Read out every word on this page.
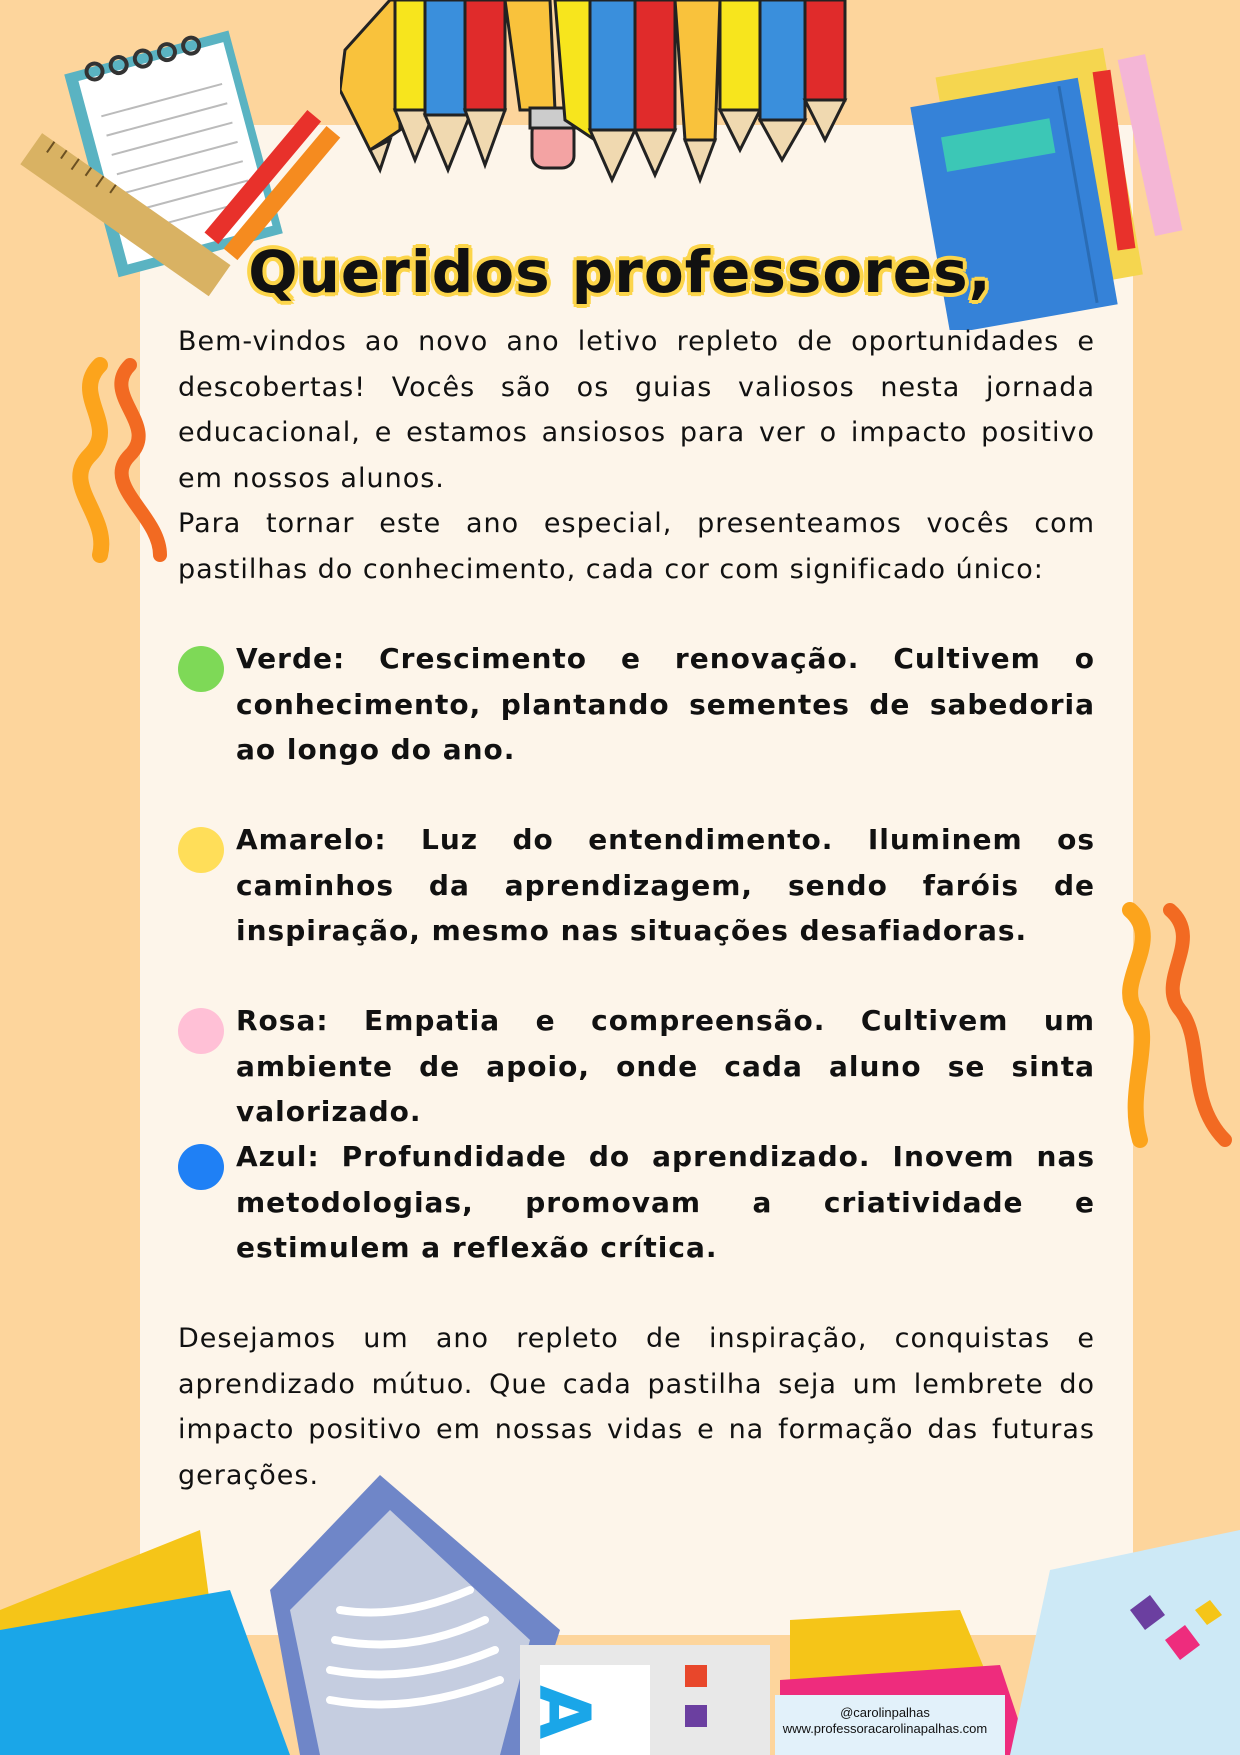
A
Queridos professores,

Bem-vindos ao novo ano letivo repleto de oportunidades e descobertas! Vocês são os guias valiosos nesta jornada educacional, e estamos ansiosos para ver o impacto positivo em nossos alunos.

Para tornar este ano especial, presenteamos vocês com pastilhas do conhecimento, cada cor com significado único:

Verde: Crescimento e renovação. Cultivem o conhecimento, plantando sementes de sabedoria ao longo do ano.
Amarelo: Luz do entendimento. Iluminem os caminhos da aprendizagem, sendo faróis de inspiração, mesmo nas situações desafiadoras.
Rosa: Empatia e compreensão. Cultivem um ambiente de apoio, onde cada aluno se sinta valorizado.
Azul: Profundidade do aprendizado. Inovem nas metodologias, promovam a criatividade e estimulem a reflexão crítica.

Desejamos um ano repleto de inspiração, conquistas e aprendizado mútuo. Que cada pastilha seja um lembrete do impacto positivo em nossas vidas e na formação das futuras gerações.

@carolinpalhas
www.professoracarolinapalhas.com
